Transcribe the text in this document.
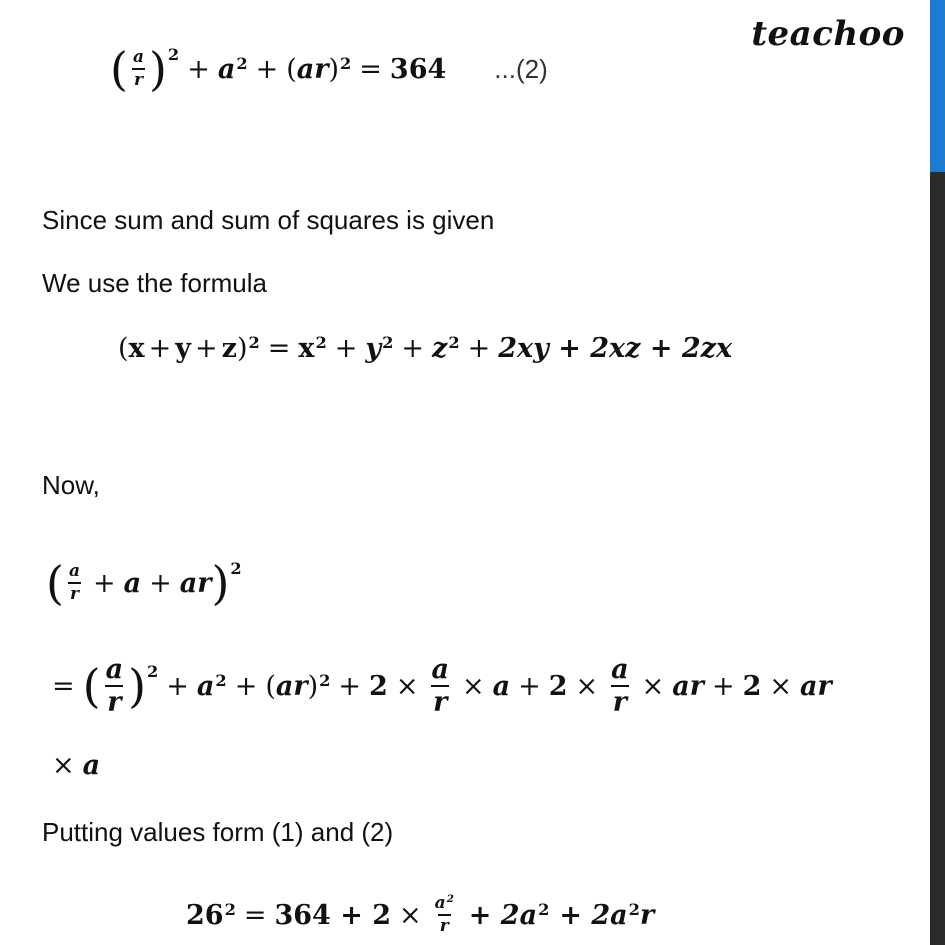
teachoo
( $\frac{a}{r} )^2 + a^2 + (ar)^2 = 364$ ...(2)
Since sum and sum of squares is given
We use the formula
$(x + y + z)^2 = x^2 + y^2 + z^2 + 2xy + 2xz + 2zx$
Now,
( $\frac{a}{r} + a$ + ar )$^2$
= ( $\frac{a}{r} )^2 + a^2 + (ar)^2 + 2 \times \frac{a}{r} \times a + 2 \times \frac{a}{r}$ × ar + 2 × ar
× a
Putting values form (1) and (2)
$26^2 = 364 + 2 \times \frac{a^2}{r} + 2a^2 + 2a^2r$
